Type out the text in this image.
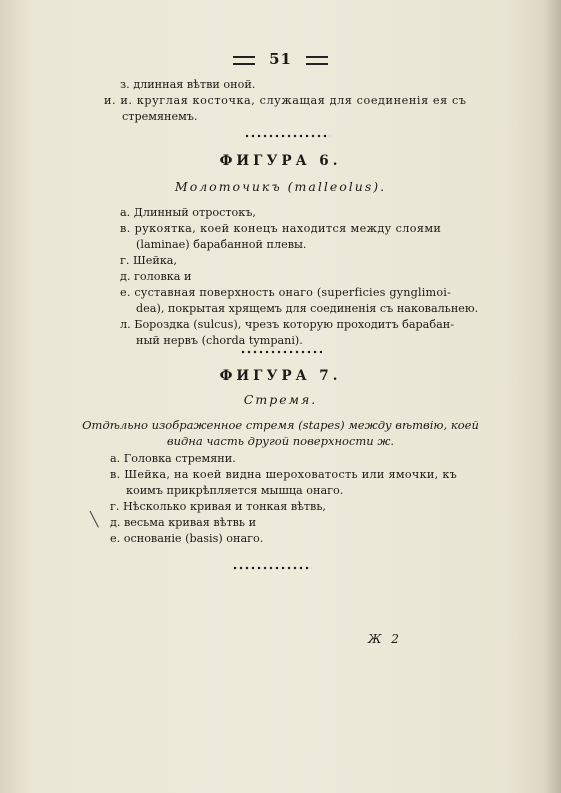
51
з. длинная вѣтви оной.
и. и. круглая косточка, служащая для соединенія ея съ
стремянемъ.
ФИГУРА 6.
Молоточикъ (malleolus).
а. Длинный отростокъ,
в. рукоятка, коей конецъ находится между слоями
(laminae) барабанной плевы.
г. Шейка,
д. головка и
е. суставная поверхность онаго (superficies gynglimoi-
dea), покрытая хрящемъ для соединенія съ наковальнею.
л. Бороздка (sulcus), чрезъ которую проходитъ барабан-
ный нервъ (chorda tympani).
ФИГУРА 7.
Стремя.
Отдѣльно изображенное стремя (stapes) между вѣтвію, коей
видна часть другой поверхности ж.
а. Головка стремяни.
в. Шейка, на коей видна шероховатость или ямочки, къ
коимъ прикрѣпляется мышца онаго.
г. Нѣсколько кривая и тонкая вѣтвь,
д. весьма кривая вѣтвь и
е. основаніе (basis) онаго.
╲
Ж 2
